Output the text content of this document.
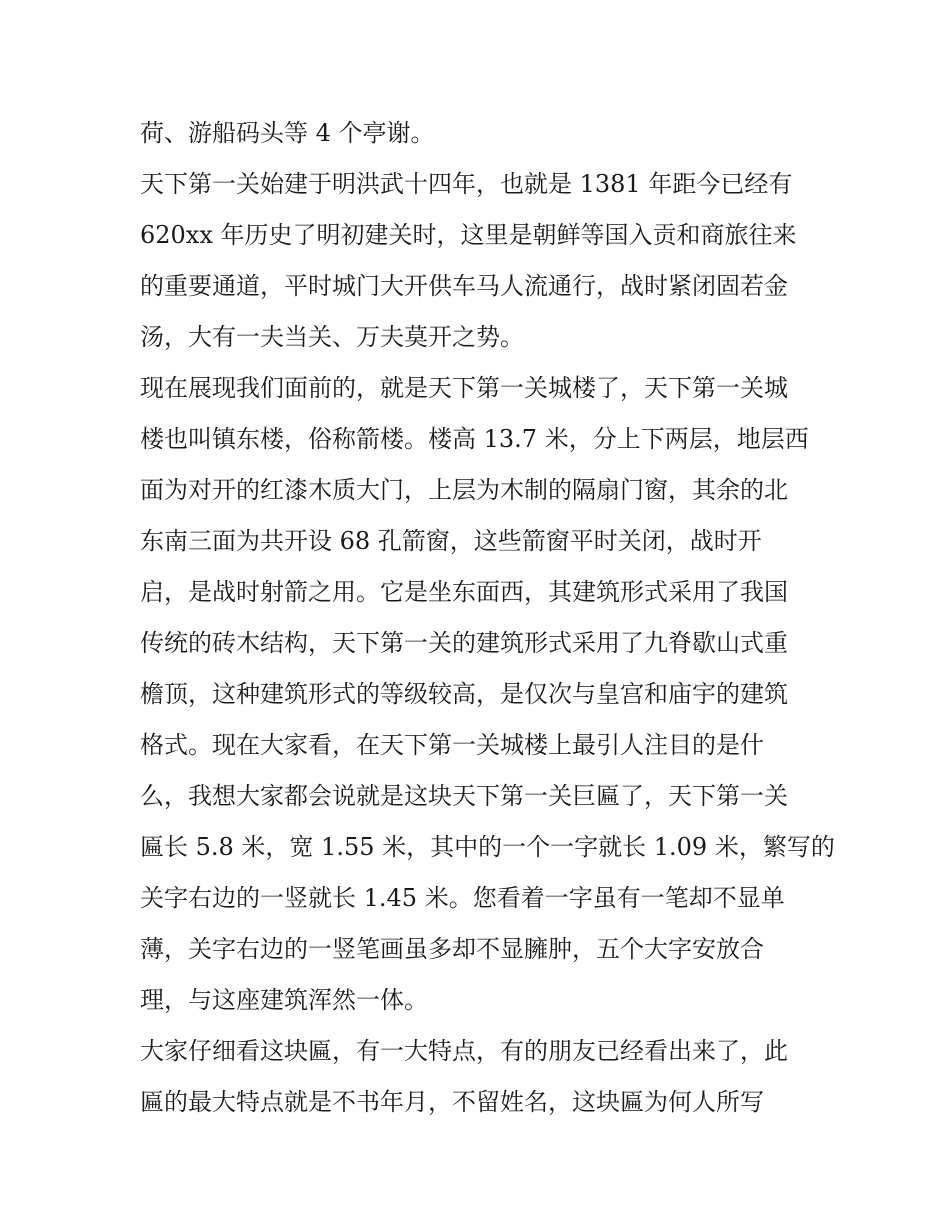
荷、游船码头等 4 个亭谢。
天下第一关始建于明洪武十四年，也就是 1381 年距今已经有
620xx 年历史了明初建关时，这里是朝鲜等国入贡和商旅往来
的重要通道，平时城门大开供车马人流通行，战时紧闭固若金
汤，大有一夫当关、万夫莫开之势。
现在展现我们面前的，就是天下第一关城楼了，天下第一关城
楼也叫镇东楼，俗称箭楼。楼高 13.7 米，分上下两层，地层西
面为对开的红漆木质大门，上层为木制的隔扇门窗，其余的北
东南三面为共开设 68 孔箭窗，这些箭窗平时关闭，战时开
启，是战时射箭之用。它是坐东面西，其建筑形式采用了我国
传统的砖木结构，天下第一关的建筑形式采用了九脊歇山式重
檐顶，这种建筑形式的等级较高，是仅次与皇宫和庙宇的建筑
格式。现在大家看，在天下第一关城楼上最引人注目的是什
么，我想大家都会说就是这块天下第一关巨匾了，天下第一关
匾长 5.8 米，宽 1.55 米，其中的一个一字就长 1.09 米，繁写的
关字右边的一竖就长 1.45 米。您看着一字虽有一笔却不显单
薄，关字右边的一竖笔画虽多却不显臃肿，五个大字安放合
理，与这座建筑浑然一体。
大家仔细看这块匾，有一大特点，有的朋友已经看出来了，此
匾的最大特点就是不书年月，不留姓名，这块匾为何人所写
